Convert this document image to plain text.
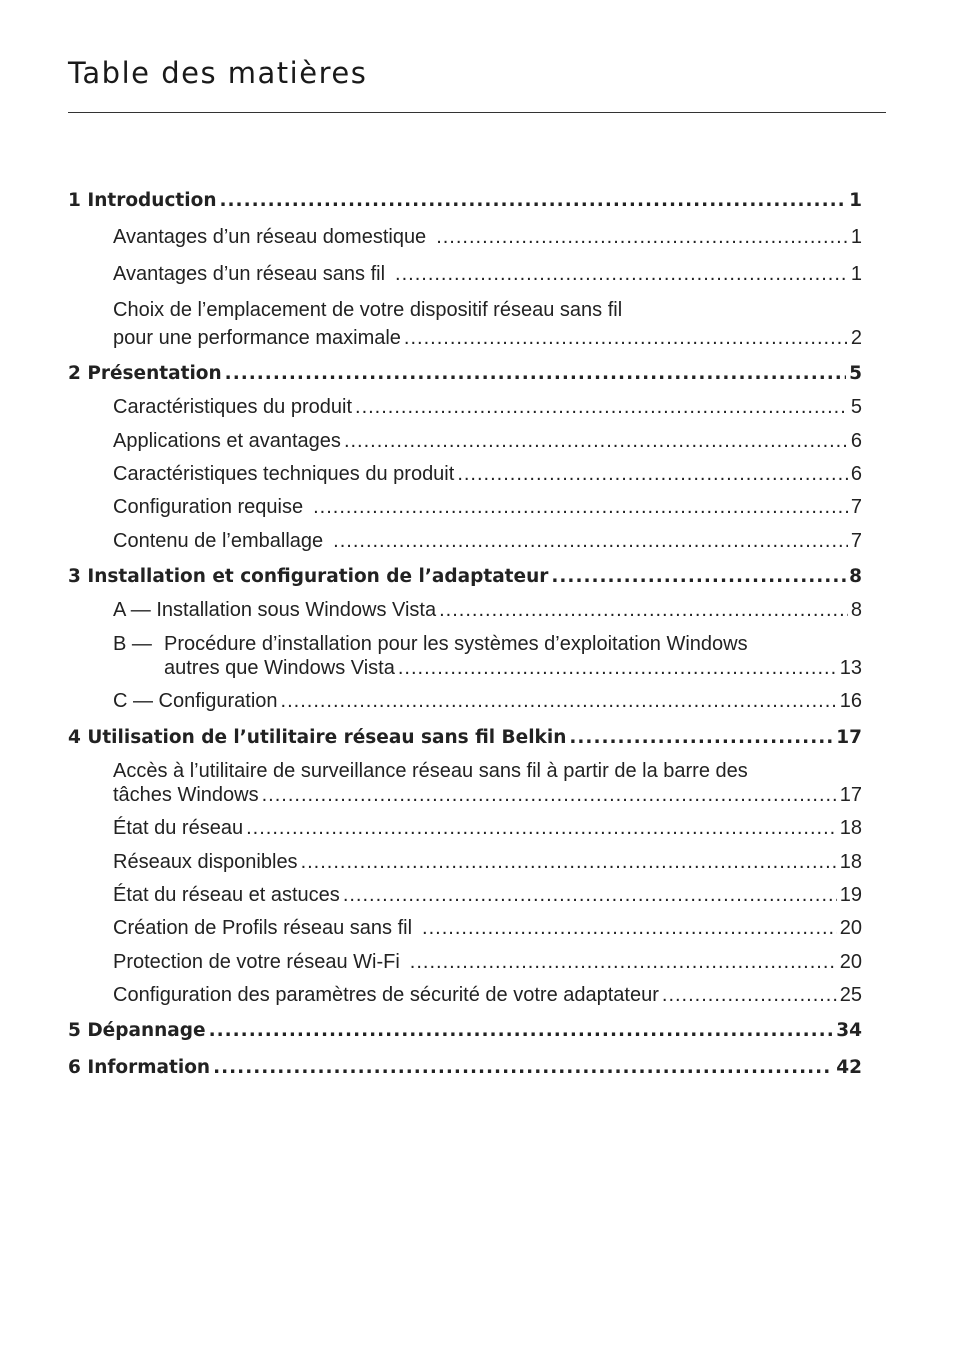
Table des matières
1 Introduction .....	1
Avantages d’un réseau domestique .....	1
Avantages d’un réseau sans fil .....	1
Choix de l’emplacement de votre dispositif réseau sans fil
pour une performance maximale .....	2
2 Présentation .....	5
Caractéristiques du produit .....	5
Applications et avantages .....	6
Caractéristiques techniques du produit .....	6
Configuration requise .....	7
Contenu de l’emballage .....	7
3 Installation et configuration de l’adaptateur .....	8
A — Installation sous Windows Vista .....	8
B — Procédure d’installation pour les systèmes d’exploitation Windows
autres que Windows Vista .....	13
C — Configuration .....	16
4 Utilisation de l’utilitaire réseau sans fil Belkin .....	17
Accès à l’utilitaire de surveillance réseau sans fil à partir de la barre des
tâches Windows .....	17
État du réseau .....	18
Réseaux disponibles .....	18
État du réseau et astuces .....	19
Création de Profils réseau sans fil .....	20
Protection de votre réseau Wi-Fi .....	20
Configuration des paramètres de sécurité de votre adaptateur .....	25
5 Dépannage .....	34
6 Information .....	42
